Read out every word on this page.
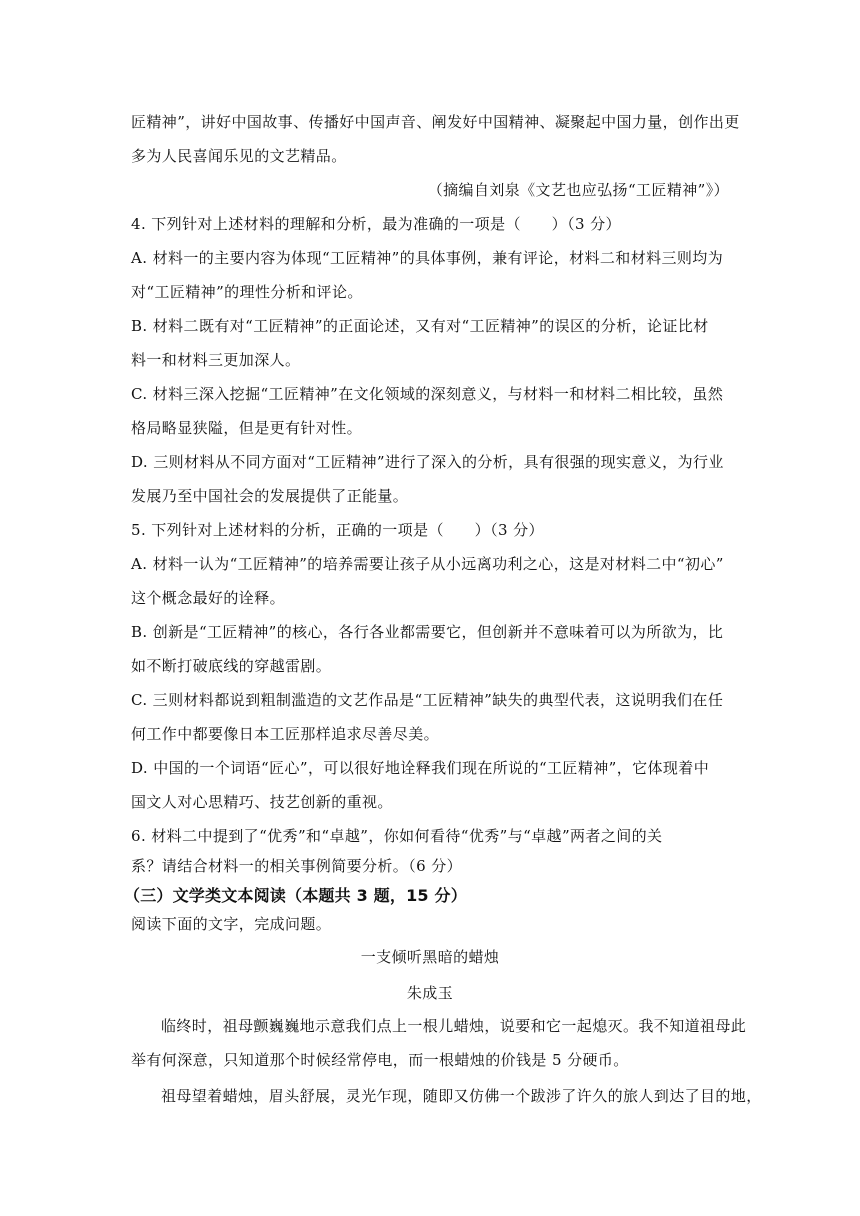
匠精神”，讲好中国故事、传播好中国声音、阐发好中国精神、凝聚起中国力量，创作出更
多为人民喜闻乐见的文艺精品。
（摘编自刘泉《文艺也应弘扬“工匠精神”》）
4. 下列针对上述材料的理解和分析，最为准确的一项是（　　）（3 分）
A. 材料一的主要内容为体现“工匠精神”的具体事例，兼有评论，材料二和材料三则均为
对“工匠精神”的理性分析和评论。
B. 材料二既有对“工匠精神”的正面论述，又有对“工匠精神”的误区的分析，论证比材
料一和材料三更加深人。
C. 材料三深入挖掘“工匠精神”在文化领域的深刻意义，与材料一和材料二相比较，虽然
格局略显狭隘，但是更有针对性。
D. 三则材料从不同方面对“工匠精神”进行了深入的分析，具有很强的现实意义，为行业
发展乃至中国社会的发展提供了正能量。
5. 下列针对上述材料的分析，正确的一项是（　　）（3 分）
A. 材料一认为“工匠精神”的培养需要让孩子从小远离功利之心，这是对材料二中“初心”
这个概念最好的诠释。
B. 创新是“工匠精神”的核心，各行各业都需要它，但创新并不意味着可以为所欲为，比
如不断打破底线的穿越雷剧。
C. 三则材料都说到粗制滥造的文艺作品是“工匠精神”缺失的典型代表，这说明我们在任
何工作中都要像日本工匠那样追求尽善尽美。
D. 中国的一个词语“匠心”，可以很好地诠释我们现在所说的“工匠精神”，它体现着中
国文人对心思精巧、技艺创新的重视。
6. 材料二中提到了“优秀”和“卓越”，你如何看待“优秀”与“卓越”两者之间的关
系？请结合材料一的相关事例简要分析。（6 分）
（三）文学类文本阅读（本题共 3 题，15 分）
阅读下面的文字，完成问题。
一支倾听黑暗的蜡烛
朱成玉
临终时，祖母颤巍巍地示意我们点上一根儿蜡烛，说要和它一起熄灭。我不知道祖母此
举有何深意，只知道那个时候经常停电，而一根蜡烛的价钱是 5 分硬币。
祖母望着蜡烛，眉头舒展，灵光乍现，随即又仿佛一个跋涉了许久的旅人到达了目的地，
